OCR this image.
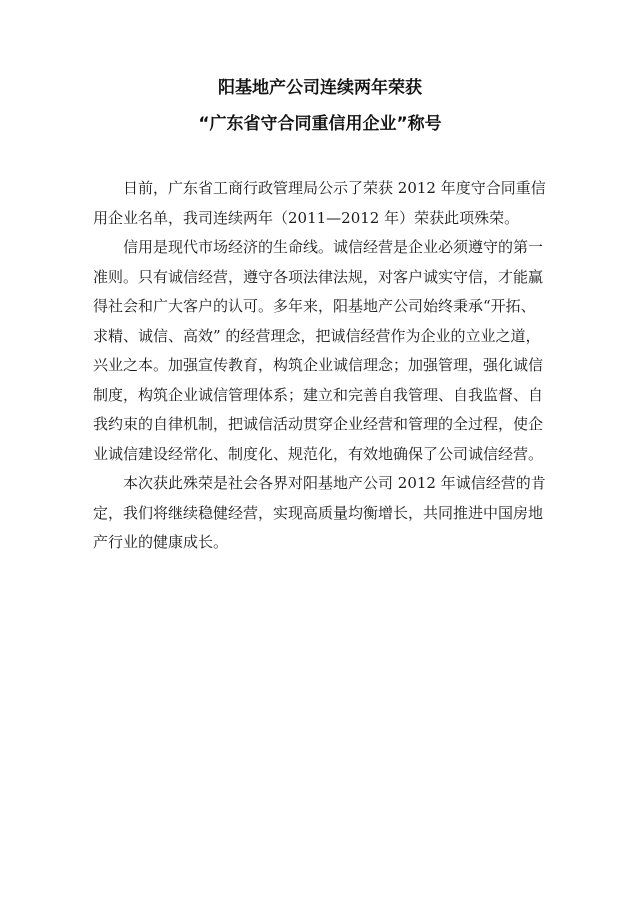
阳基地产公司连续两年荣获
“广东省守合同重信用企业”称号
日前，广东省工商行政管理局公示了荣获 2012 年度守合同重信
用企业名单，我司连续两年（2011—2012 年）荣获此项殊荣。
信用是现代市场经济的生命线。诚信经营是企业必须遵守的第一
准则。只有诚信经营，遵守各项法律法规，对客户诚实守信，才能赢
得社会和广大客户的认可。多年来，阳基地产公司始终秉承“开拓、
求精、诚信、高效” 的经营理念，把诚信经营作为企业的立业之道，
兴业之本。加强宣传教育，构筑企业诚信理念；加强管理，强化诚信
制度，构筑企业诚信管理体系；建立和完善自我管理、自我监督、自
我约束的自律机制，把诚信活动贯穿企业经营和管理的全过程，使企
业诚信建设经常化、制度化、规范化，有效地确保了公司诚信经营。
本次获此殊荣是社会各界对阳基地产公司 2012 年诚信经营的肯
定，我们将继续稳健经营，实现高质量均衡增长，共同推进中国房地
产行业的健康成长。
